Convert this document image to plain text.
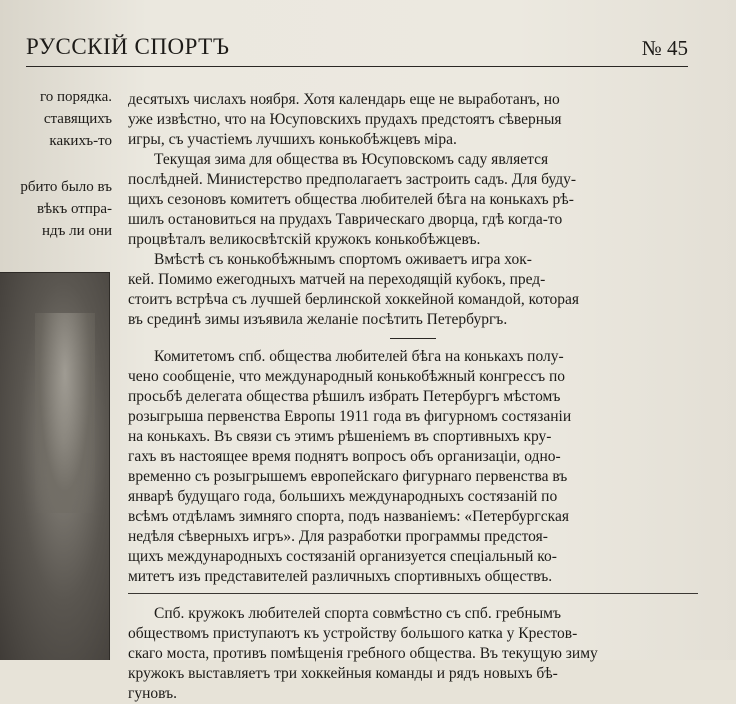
РУССКІЙ СПОРТЪ	№ 45
го порядка.
ставящихъ
какихъ-то
рбито было въ
вѣкъ отпра-
ндъ ли они

десятыхъ числахъ ноября. Хотя календарь еще не выработанъ, но
уже извѣстно, что на Юсуповскихъ прудахъ предстоятъ сѣверныя
игры, съ участіемъ лучшихъ конькобѣжцевъ міра.

Текущая зима для общества въ Юсуповскомъ саду является
послѣдней. Министерство предполагаетъ застроить садъ. Для буду-
щихъ сезоновъ комитетъ общества любителей бѣга на конькахъ рѣ-
шилъ остановиться на прудахъ Таврическаго дворца, гдѣ когда-то
процвѣталъ великосвѣтскій кружокъ конькобѣжцевъ.

Вмѣстѣ съ конькобѣжнымъ спортомъ оживаетъ игра хок-
кей. Помимо ежегодныхъ матчей на переходящій кубокъ, пред-
стоитъ встрѣча съ лучшей берлинской хоккейной командой, которая
въ срединѣ зимы изъявила желаніе посѣтить Петербургъ.

Комитетомъ спб. общества любителей бѣга на конькахъ полу-
чено сообщеніе, что международный конькобѣжный конгрессъ по
просьбѣ делегата общества рѣшилъ избрать Петербургъ мѣстомъ
розыгрыша первенства Европы 1911 года въ фигурномъ состязаніи
на конькахъ. Въ связи съ этимъ рѣшеніемъ въ спортивныхъ кру-
гахъ въ настоящее время поднятъ вопросъ объ организаціи, одно-
временно съ розыгрышемъ европейскаго фигурнаго первенства въ
январѣ будущаго года, большихъ международныхъ состязаній по
всѣмъ отдѣламъ зимняго спорта, подъ названіемъ: «Петербургская
недѣля сѣверныхъ игръ». Для разработки программы предстоя-
щихъ международныхъ состязаній организуется спеціальный ко-
митетъ изъ представителей различныхъ спортивныхъ обществъ.

Спб. кружокъ любителей спорта совмѣстно съ спб. гребнымъ
обществомъ приступаютъ къ устройству большого катка у Крестов-
скаго моста, противъ помѣщенія гребного общества. Въ текущую зиму
кружокъ выставляетъ три хоккейныя команды и рядъ новыхъ бѣ-
гуновъ.
